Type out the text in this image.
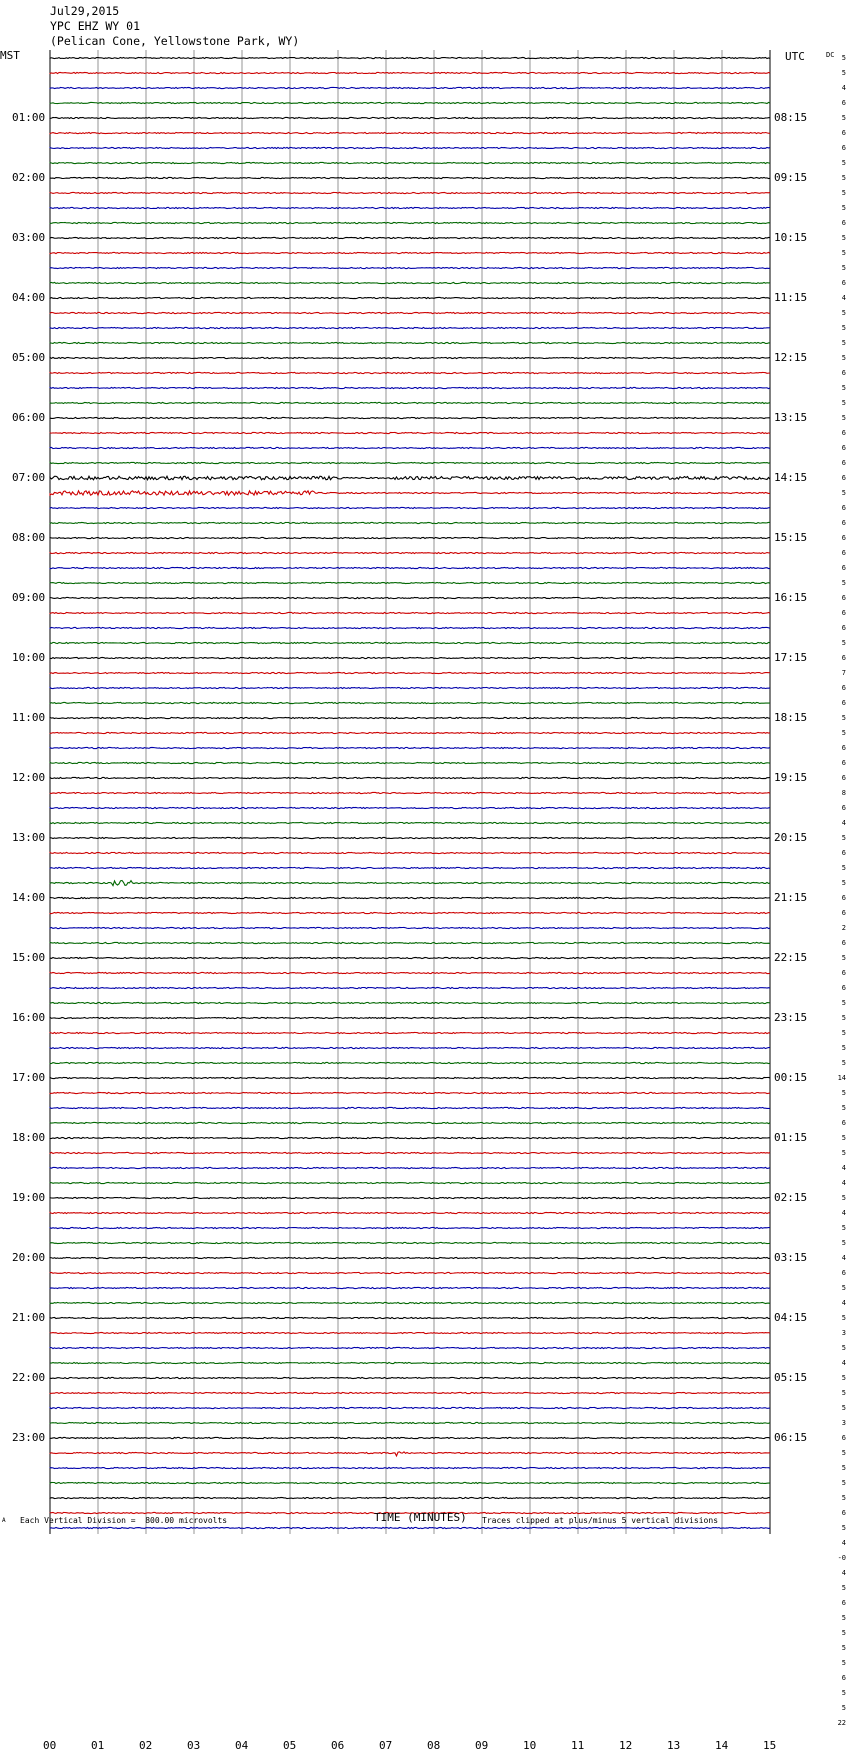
Jul29,2015
YPC EHZ WY 01
(Pelican Cone, Yellowstone Park, WY)
MST	UTC	DC
A Each Vertical Division =  800.00 microvolts	TIME (MINUTES) Traces clipped at plus/minus 5 vertical divisions
00	01	02	03	04	05	06	07	08	09	10	11	12	13	14	15
5
5
4
6
5
6
6
5
5
5
5
6
5
5
5
6
4
5
5
5
5
6
5
5
5
6
6
6
6
5
6
6
6
6
6
5
6
6
6
5
6
7
6
6
5
5
6
6
6
8
6
4
5
6
5
5
6
6
2
6
5
6
6
5
5
5
5
5
14
5
5
6
5
5
4
4
5
4
5
5
4
6
5
4
5
3
5
4
5
5
5
3
6
5
5
5
5
6
5
4
-0
4
5
6
5
5
5
5
6
5
5
22
01:00	08:15
02:00	09:15
03:00	10:15
04:00	11:15
05:00	12:15
06:00	13:15
07:00	14:15
08:00	15:15
09:00	16:15
10:00	17:15
11:00	18:15
12:00	19:15
13:00	20:15
14:00	21:15
15:00	22:15
16:00	23:15
17:00	00:15
18:00	01:15
19:00	02:15
20:00	03:15
21:00	04:15
22:00	05:15
23:00	06:15
